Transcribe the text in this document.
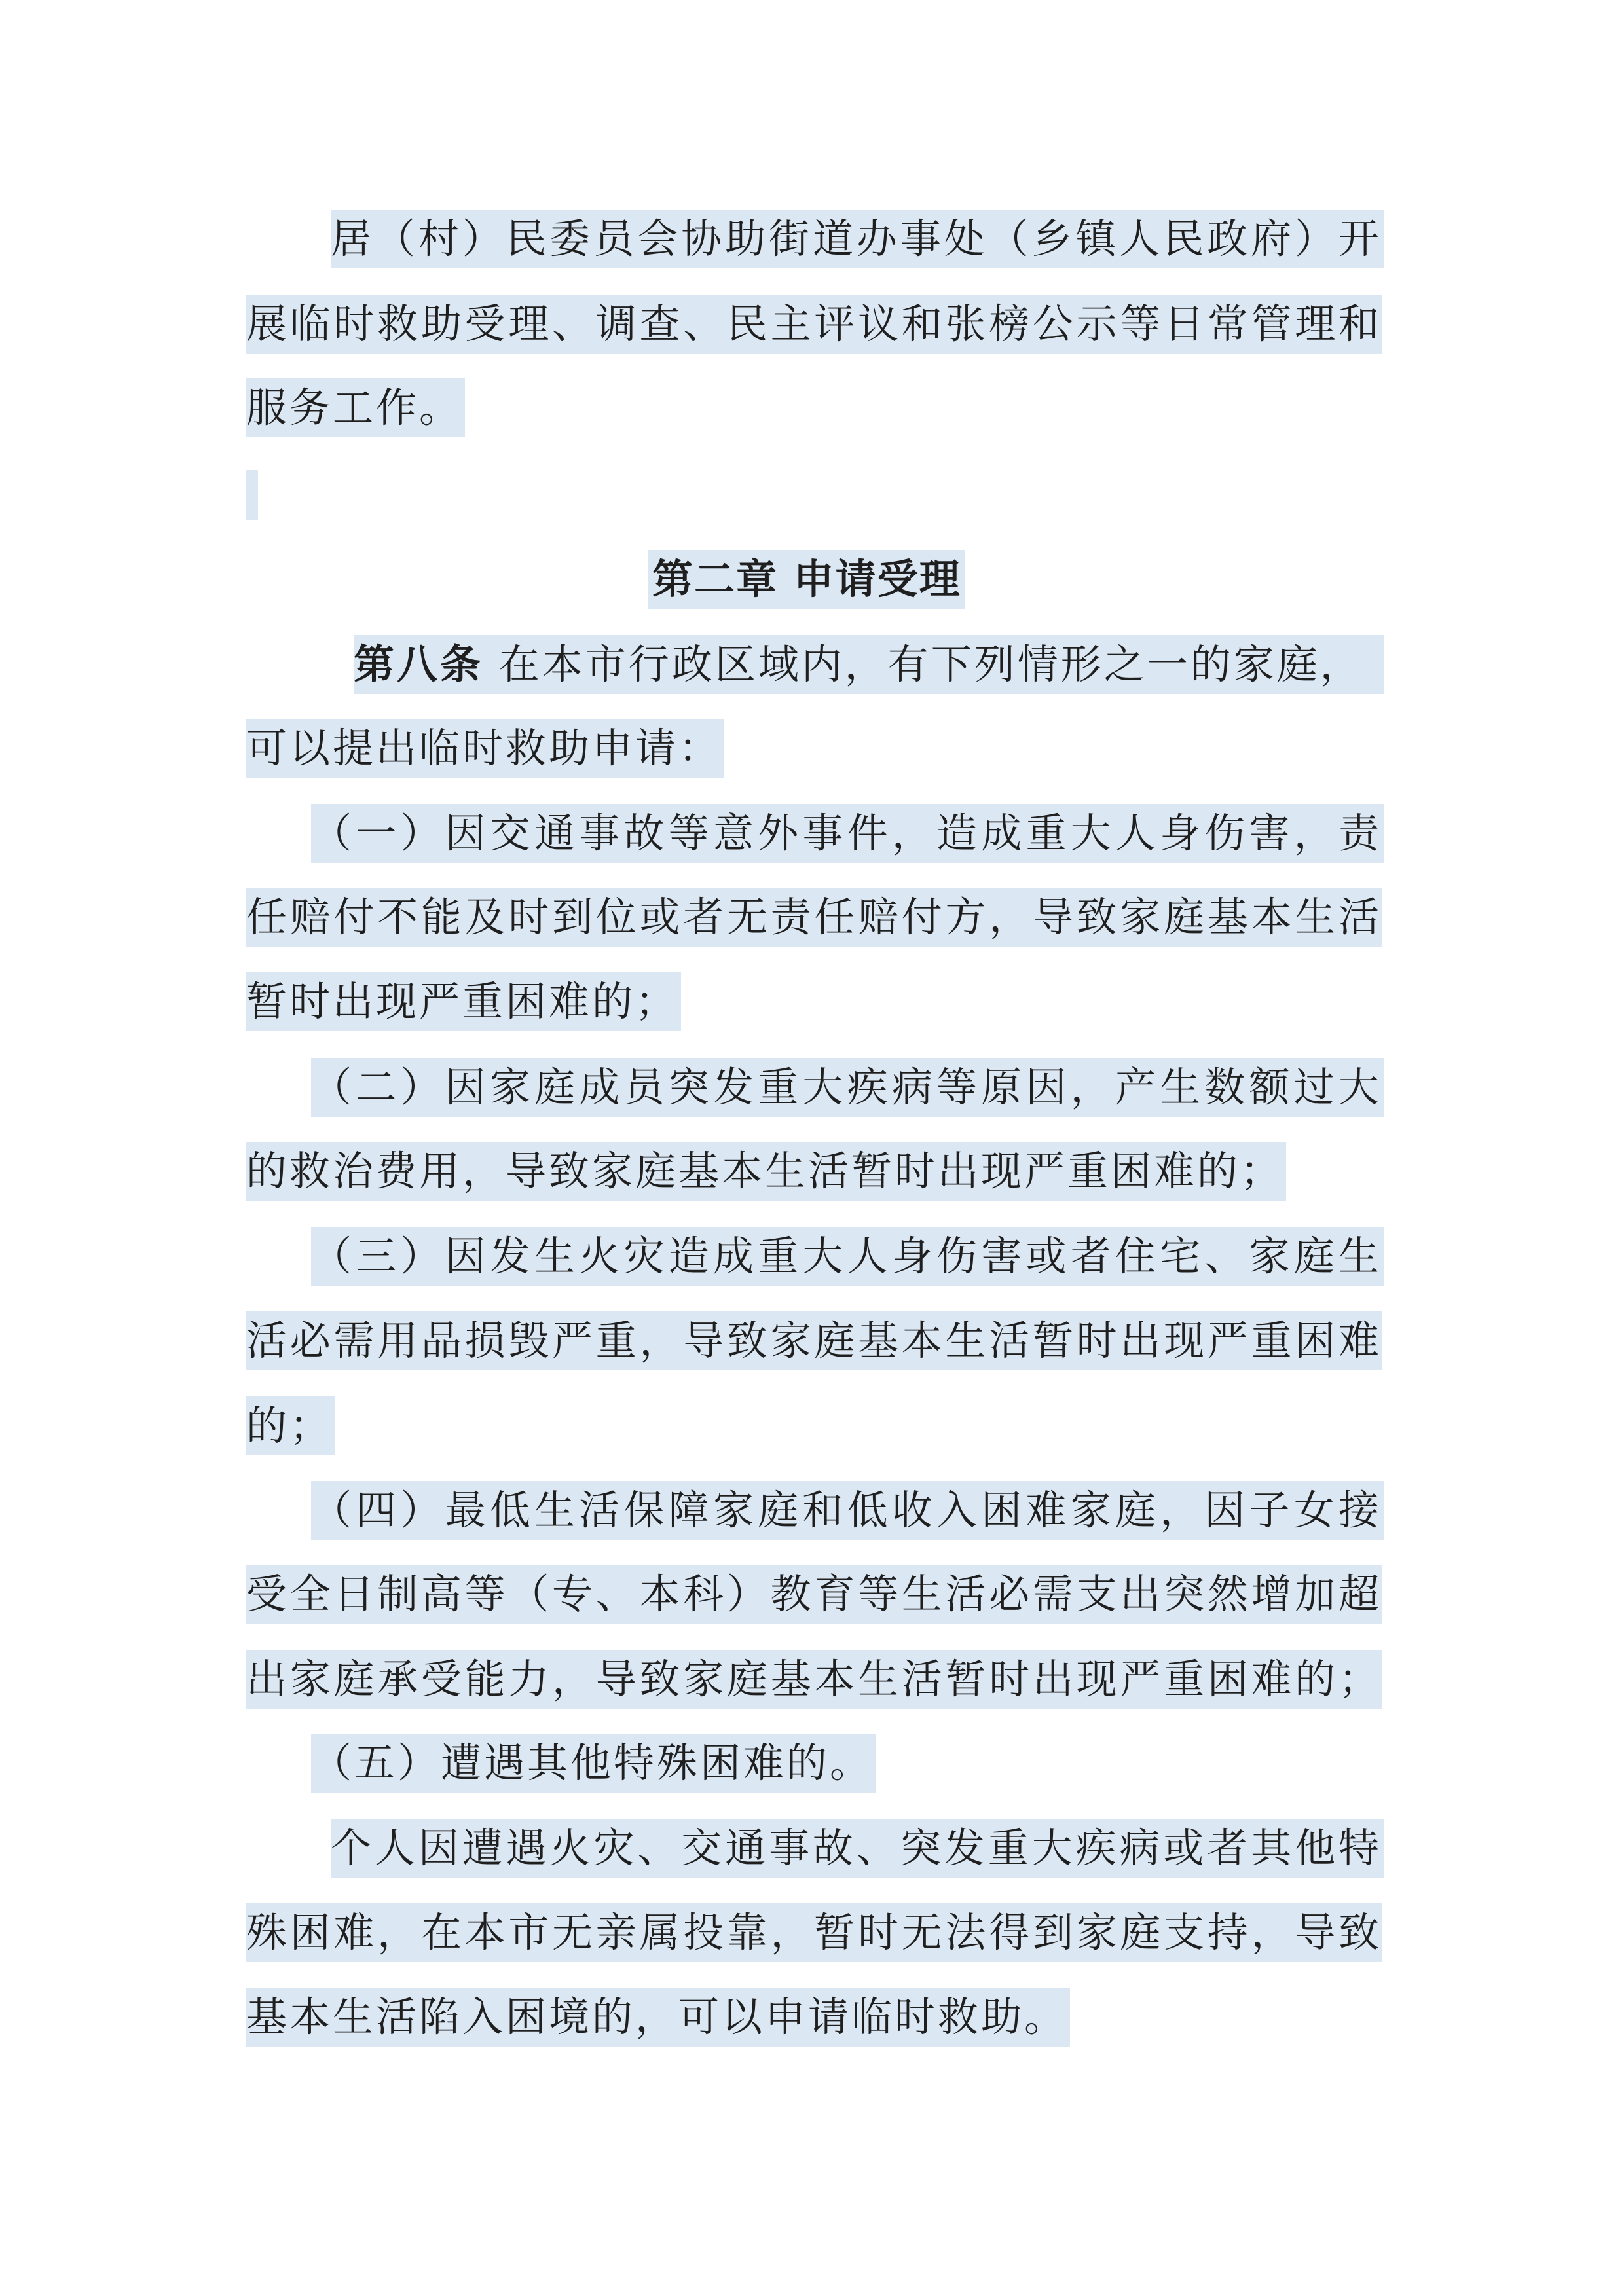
居（村）民委员会协助街道办事处（乡镇人民政府）开
展临时救助受理、调查、民主评议和张榜公示等日常管理和
服务工作。
第二章 申请受理
第八条 在本市行政区域内，有下列情形之一的家庭，
可以提出临时救助申请：
（一）因交通事故等意外事件，造成重大人身伤害，责
任赔付不能及时到位或者无责任赔付方，导致家庭基本生活
暂时出现严重困难的；
（二）因家庭成员突发重大疾病等原因，产生数额过大
的救治费用，导致家庭基本生活暂时出现严重困难的；
（三）因发生火灾造成重大人身伤害或者住宅、家庭生
活必需用品损毁严重，导致家庭基本生活暂时出现严重困难
的；
（四）最低生活保障家庭和低收入困难家庭，因子女接
受全日制高等（专、本科）教育等生活必需支出突然增加超
出家庭承受能力，导致家庭基本生活暂时出现严重困难的；
（五）遭遇其他特殊困难的。
个人因遭遇火灾、交通事故、突发重大疾病或者其他特
殊困难，在本市无亲属投靠，暂时无法得到家庭支持，导致
基本生活陷入困境的，可以申请临时救助。
